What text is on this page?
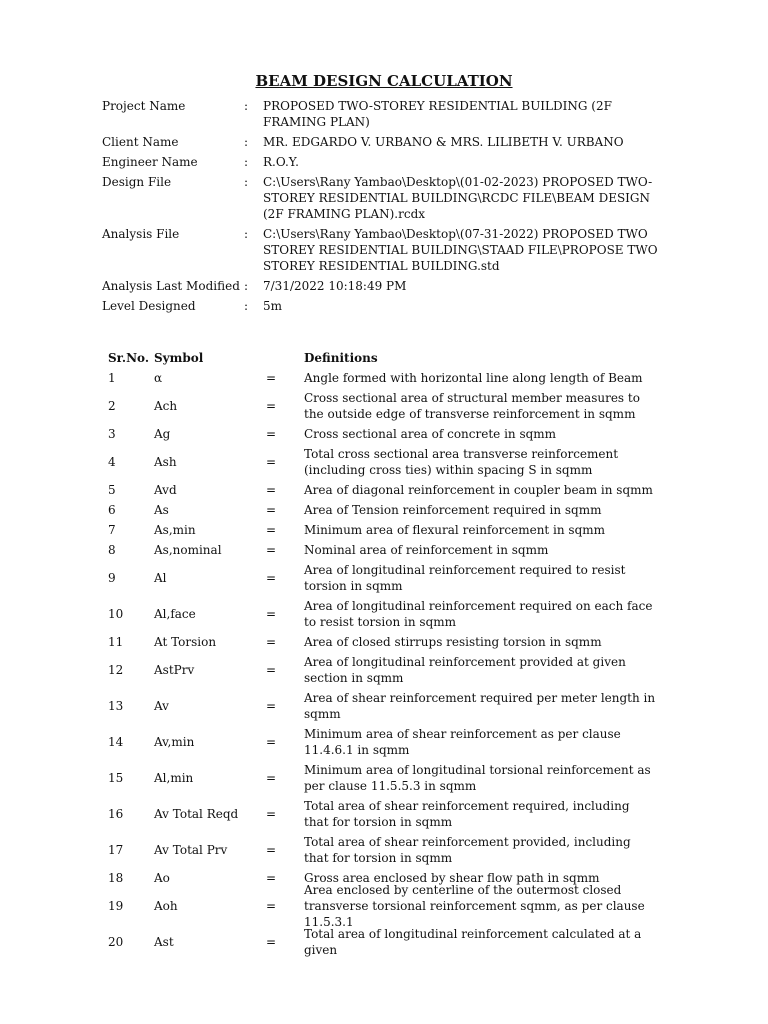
BEAM DESIGN CALCULATION
Project Name	:	PROPOSED TWO-STOREY RESIDENTIAL BUILDING (2F FRAMING PLAN)
Client Name	:	MR. EDGARDO V. URBANO & MRS. LILIBETH V. URBANO
Engineer Name	:	R.O.Y.
Design File	:	C:\Users\Rany Yambao\Desktop\(01-02-2023) PROPOSED TWO-STOREY RESIDENTIAL BUILDING\RCDC FILE\BEAM DESIGN (2F FRAMING PLAN).rcdx
Analysis File	:	C:\Users\Rany Yambao\Desktop\(07-31-2022) PROPOSED TWO STOREY RESIDENTIAL BUILDING\STAAD FILE\PROPOSE TWO STOREY RESIDENTIAL BUILDING.std
Analysis Last Modified	:	7/31/2022 10:18:49 PM
Level Designed	:	5m
Sr.No. Symbol	Definitions
1	α	=	Angle formed with horizontal line along length of Beam
2	Ach	=
Cross sectional area of structural member measures to the outside edge of transverse reinforcement in sqmm
3	Ag	=	Cross sectional area of concrete in sqmm
4	Ash	=
Total cross sectional area transverse reinforcement (including cross ties) within spacing S in sqmm
5	Avd	=	Area of diagonal reinforcement in coupler beam in sqmm
6	As	=	Area of Tension reinforcement required in sqmm
7	As,min	=	Minimum area of flexural reinforcement in sqmm
8	As,nominal	=	Nominal area of reinforcement in sqmm
9	Al	=
Area of longitudinal reinforcement required to resist torsion in sqmm
10	Al,face	=
Area of longitudinal reinforcement required on each face to resist torsion in sqmm
11	At Torsion	=	Area of closed stirrups resisting torsion in sqmm
12	AstPrv	=
Area of longitudinal reinforcement provided at given section in sqmm
13	Av	=
Area of shear reinforcement required per meter length in sqmm
14	Av,min	=
Minimum area of shear reinforcement as per clause 11.4.6.1 in sqmm
15	Al,min	=
Minimum area of longitudinal torsional reinforcement as per clause 11.5.5.3 in sqmm
16	Av Total Reqd	=
Total area of shear reinforcement required, including that for torsion in sqmm
17	Av Total Prv	=
Total area of shear reinforcement provided, including that for torsion in sqmm
18	Ao	=	Gross area enclosed by shear flow path in sqmm
19	Aoh	=
Area enclosed by centerline of the outermost closed transverse torsional reinforcement sqmm, as per clause 11.5.3.1
20	Ast	=
Total area of longitudinal reinforcement calculated at a given
